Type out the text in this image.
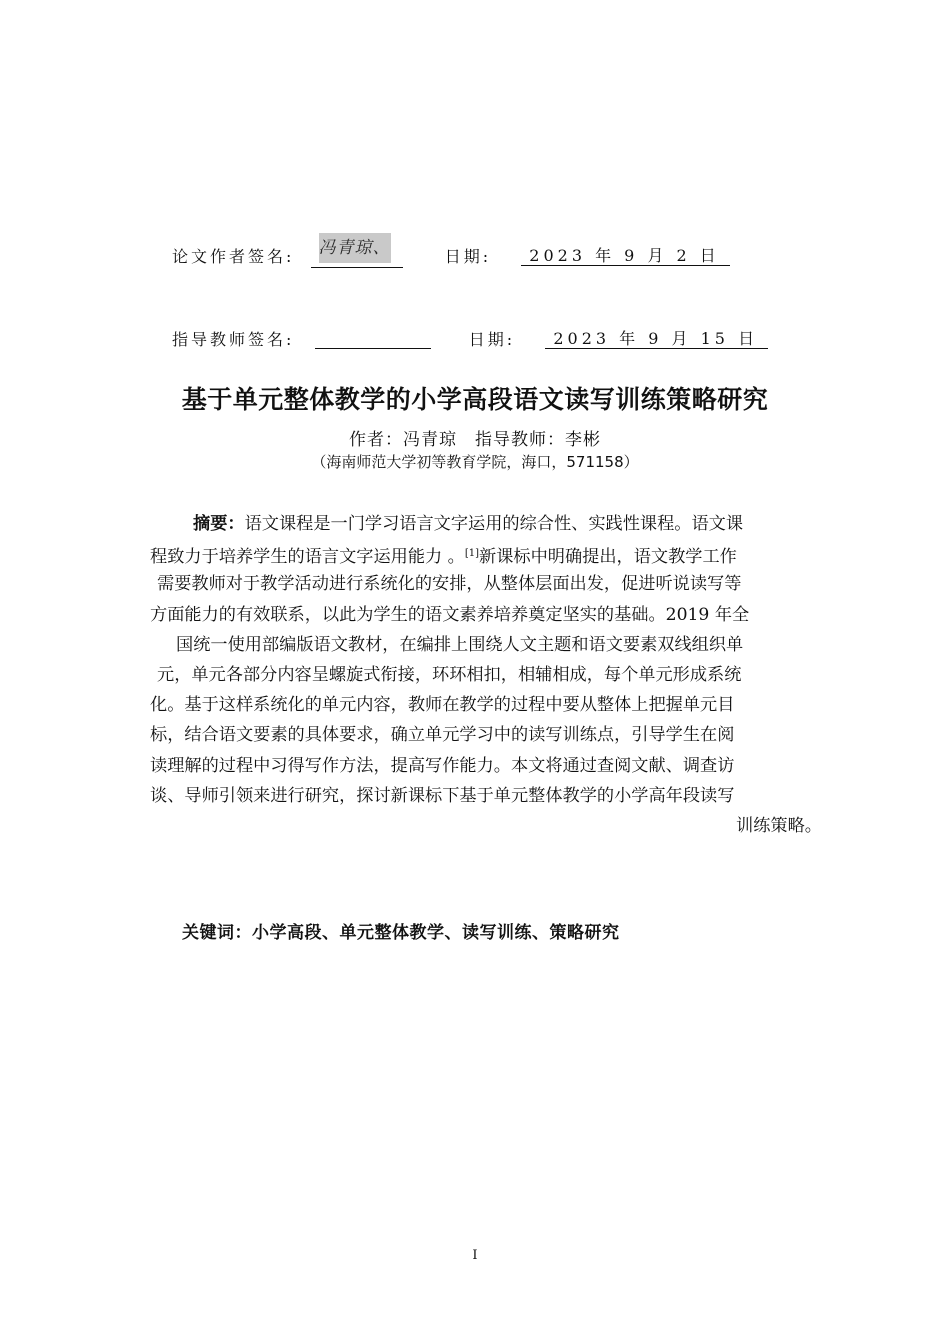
论文作者签名: 冯青琼、	日期: 2023 年 9 月 2 日
指导教师签名:	日期: 2023 年 9 月 15 日
基于单元整体教学的小学高段语文读写训练策略研究
作者：冯青琼　指导教师：李彬
（海南师范大学初等教育学院，海口，571158）
摘要：语文课程是一门学习语言文字运用的综合性、实践性课程。语文课
程致力于培养学生的语言文字运用能力 。[1]新课标中明确提出，语文教学工作
需要教师对于教学活动进行系统化的安排，从整体层面出发，促进听说读写等
方面能力的有效联系，以此为学生的语文素养培养奠定坚实的基础。2019 年全
国统一使用部编版语文教材，在编排上围绕人文主题和语文要素双线组织单
元，单元各部分内容呈螺旋式衔接，环环相扣，相辅相成，每个单元形成系统
化。基于这样系统化的单元内容，教师在教学的过程中要从整体上把握单元目
标，结合语文要素的具体要求，确立单元学习中的读写训练点，引导学生在阅
读理解的过程中习得写作方法，提高写作能力。本文将通过查阅文献、调查访
谈、导师引领来进行研究，探讨新课标下基于单元整体教学的小学高年段读写
训练策略。
关键词：小学高段、单元整体教学、读写训练、策略研究
I
